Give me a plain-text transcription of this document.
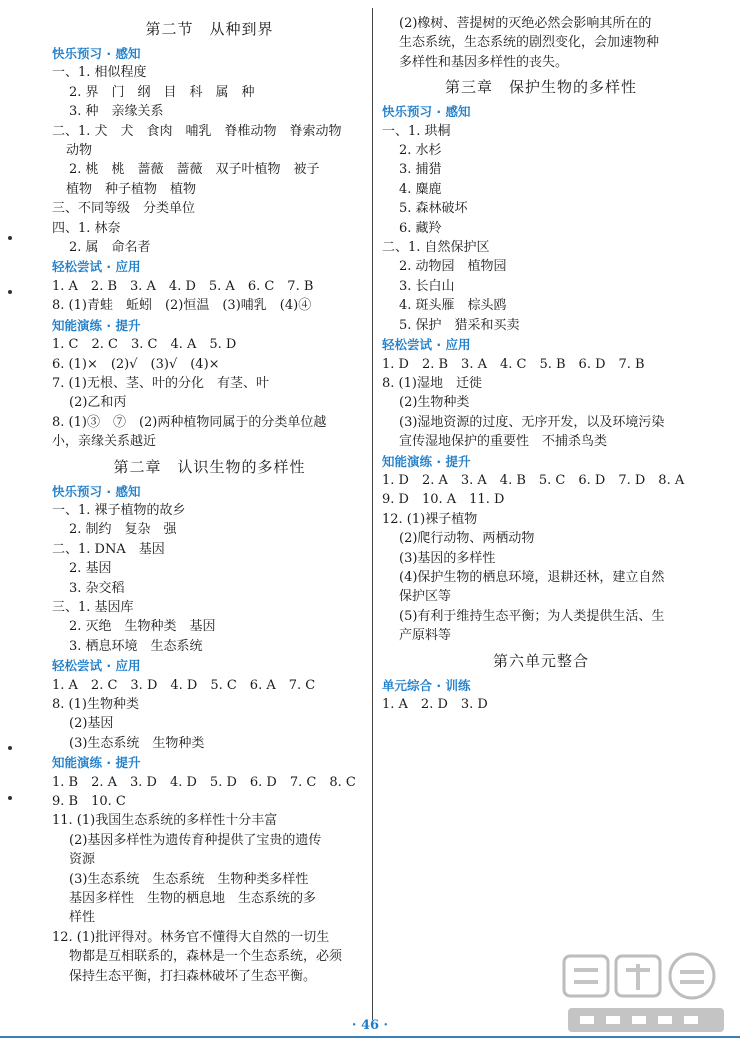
第二节　从种到界
快乐预习 · 感知
一、1. 相似程度
2. 界　门　纲　目　科　属　种
3. 种　亲缘关系
二、1. 犬　犬　食肉　哺乳　脊椎动物　脊索动物
动物
2. 桃　桃　蔷薇　蔷薇　双子叶植物　被子
植物　种子植物　植物
三、不同等级　分类单位
四、1. 林奈
2. 属　命名者
轻松尝试 · 应用
1. A　2. B　3. A　4. D　5. A　6. C　7. B
8. (1)青蛙　蚯蚓　(2)恒温　(3)哺乳　(4)④
知能演练 · 提升
1. C　2. C　3. C　4. A　5. D
6. (1)×　(2)√　(3)√　(4)×
7. (1)无根、茎、叶的分化　有茎、叶
(2)乙和丙
8. (1)③　⑦　(2)两种植物同属于的分类单位越
小，亲缘关系越近
第二章　认识生物的多样性
快乐预习 · 感知
一、1. 裸子植物的故乡
2. 制约　复杂　强
二、1. DNA　基因
2. 基因
3. 杂交稻
三、1. 基因库
2. 灭绝　生物种类　基因
3. 栖息环境　生态系统
轻松尝试 · 应用
1. A　2. C　3. D　4. D　5. C　6. A　7. C
8. (1)生物种类
(2)基因
(3)生态系统　生物种类
知能演练 · 提升
1. B　2. A　3. D　4. D　5. D　6. D　7. C　8. C
9. B　10. C
11. (1)我国生态系统的多样性十分丰富
(2)基因多样性为遗传育种提供了宝贵的遗传
资源
(3)生态系统　生态系统　生物种类多样性
基因多样性　生物的栖息地　生态系统的多
样性
12. (1)批评得对。林务官不懂得大自然的一切生
物都是互相联系的，森林是一个生态系统，必须
保持生态平衡，打扫森林破坏了生态平衡。
(2)橡树、菩提树的灭绝必然会影响其所在的
生态系统，生态系统的剧烈变化，会加速物种
多样性和基因多样性的丧失。
第三章　保护生物的多样性
快乐预习 · 感知
一、1. 珙桐
2. 水杉
3. 捕猎
4. 麋鹿
5. 森林破坏
6. 藏羚
二、1. 自然保护区
2. 动物园　植物园
3. 长白山
4. 斑头雁　棕头鸥
5. 保护　猎采和买卖
轻松尝试 · 应用
1. D　2. B　3. A　4. C　5. B　6. D　7. B
8. (1)湿地　迁徙
(2)生物种类
(3)湿地资源的过度、无序开发，以及环境污染
宣传湿地保护的重要性　不捕杀鸟类
知能演练 · 提升
1. D　2. A　3. A　4. B　5. C　6. D　7. D　8. A
9. D　10. A　11. D
12. (1)裸子植物
(2)爬行动物、两栖动物
(3)基因的多样性
(4)保护生物的栖息环境，退耕还林，建立自然
保护区等
(5)有利于维持生态平衡；为人类提供生活、生
产原料等
第六单元整合
单元综合 · 训练
1. A　2. D　3. D
· 46 ·
